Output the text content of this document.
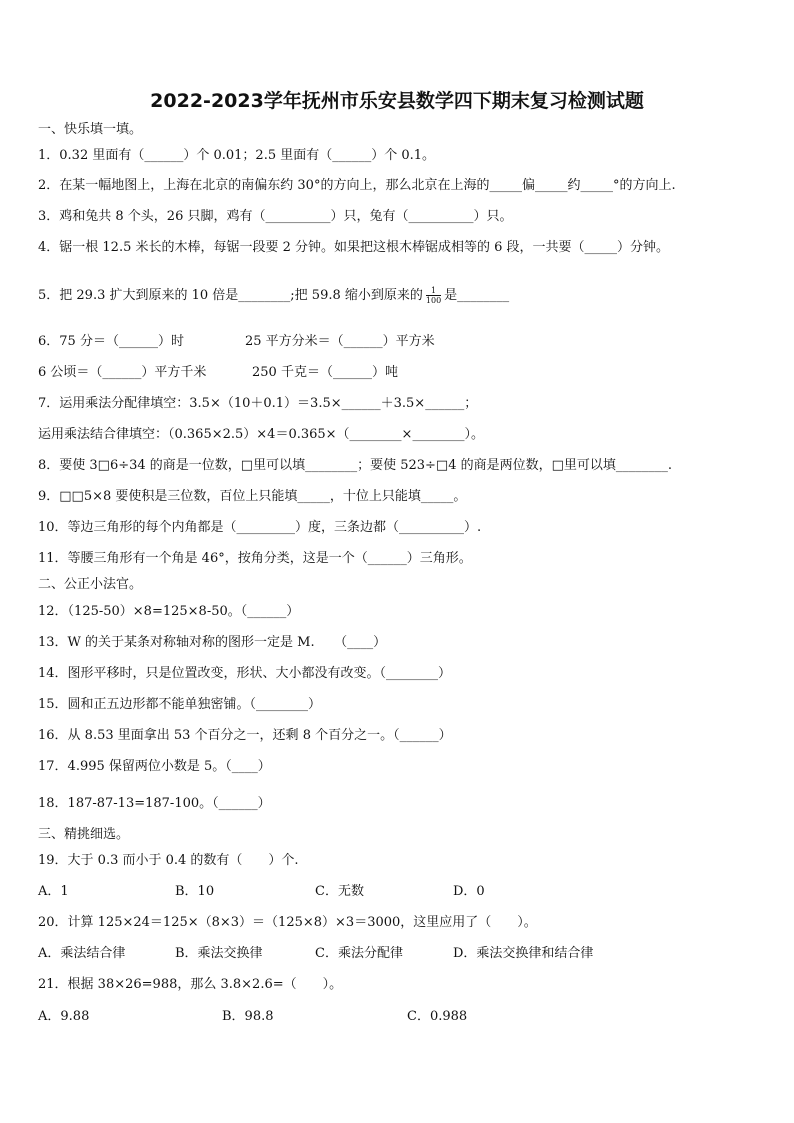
2022-2023学年抚州市乐安县数学四下期末复习检测试题
一、快乐填一填。
1．0.32 里面有（______）个 0.01；2.5 里面有（______）个 0.1。
2．在某一幅地图上，上海在北京的南偏东约 30°的方向上，那么北京在上海的_____偏_____约_____°的方向上.
3．鸡和兔共 8 个头，26 只脚，鸡有（__________）只，兔有（__________）只。
4．锯一根 12.5 米长的木棒，每锯一段要 2 分钟。如果把这根木棒锯成相等的 6 段，一共要（_____）分钟。
5．把 29.3 扩大到原来的 10 倍是________;把 59.8 缩小到原来的 $\frac{1}{100}$ 是________
6．75 分＝（______）时	25 平方分米＝（______）平方米
6 公顷＝（______）平方千米	250 千克＝（______）吨
7．运用乘法分配律填空：3.5×（10＋0.1）＝3.5×______＋3.5×______；
运用乘法结合律填空：（0.365×2.5）×4＝0.365×（________×________）。
8．要使 3□6÷34 的商是一位数，□里可以填________；要使 523÷□4 的商是两位数，□里可以填________.
9．□□5×8 要使积是三位数，百位上只能填_____，十位上只能填_____。
10．等边三角形的每个内角都是（_________）度，三条边都（__________）.
11．等腰三角形有一个角是 46°，按角分类，这是一个（______）三角形。
二、公正小法官。
12．（125-50）×8=125×8-50。（______）
13．W 的关于某条对称轴对称的图形一定是 M.　　（____）
14．图形平移时，只是位置改变，形状、大小都没有改变。（________）
15．圆和正五边形都不能单独密铺。（________）
16．从 8.53 里面拿出 53 个百分之一，还剩 8 个百分之一。（______）
17．4.995 保留两位小数是 5。（____）
18．187-87-13=187-100。（______）
三、精挑细选。
19．大于 0.3 而小于 0.4 的数有（　　）个.
A．1	B．10	C．无数	D．0
20．计算 125×24＝125×（8×3）＝（125×8）×3＝3000，这里应用了（　　）。
A．乘法结合律	B．乘法交换律	C．乘法分配律	D．乘法交换律和结合律
21．根据 38×26=988，那么 3.8×2.6=（　　）。
A．9.88	B．98.8	C．0.988
